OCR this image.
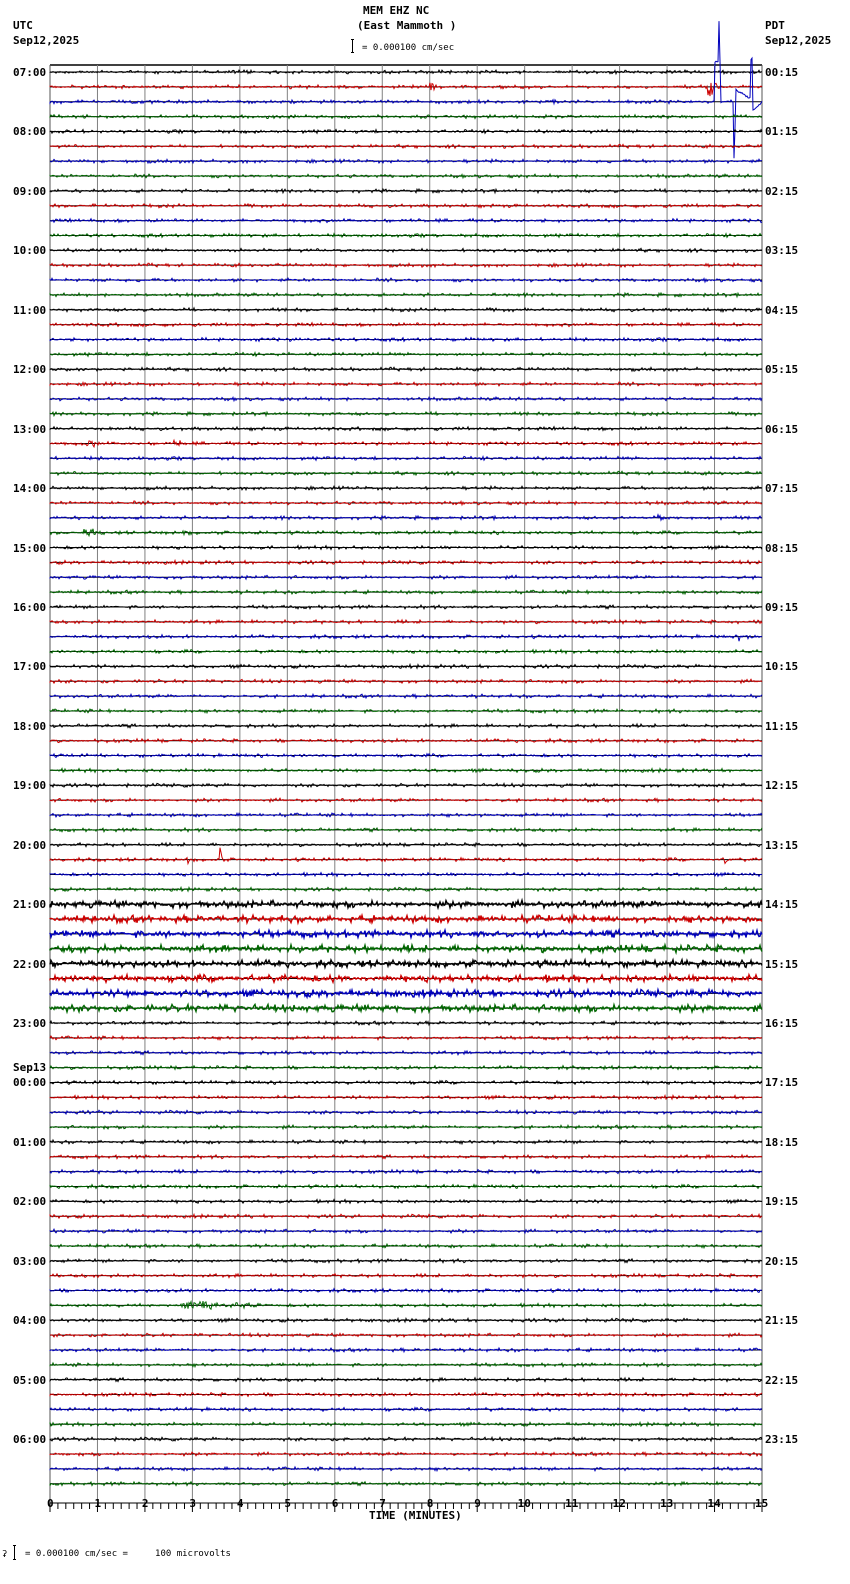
MEM EHZ NC
(East Mammoth )
= 0.000100 cm/sec
UTC
Sep12,2025
PDT
Sep12,2025
07:00
08:00
09:00
10:00
11:00
12:00
13:00
14:00
15:00
16:00
17:00
18:00
19:00
20:00
21:00
22:00
23:00
Sep13
00:00
01:00
02:00
03:00
04:00
05:00
06:00
00:15
01:15
02:15
03:15
04:15
05:15
06:15
07:15
08:15
09:15
10:15
11:15
12:15
13:15
14:15
15:15
16:15
17:15
18:15
19:15
20:15
21:15
22:15
23:15
0	1	2	3	4	5	6	7	8	9	10	11	12	13	14	15
TIME (MINUTES)
ʡ = 0.000100 cm/sec =     100 microvolts
